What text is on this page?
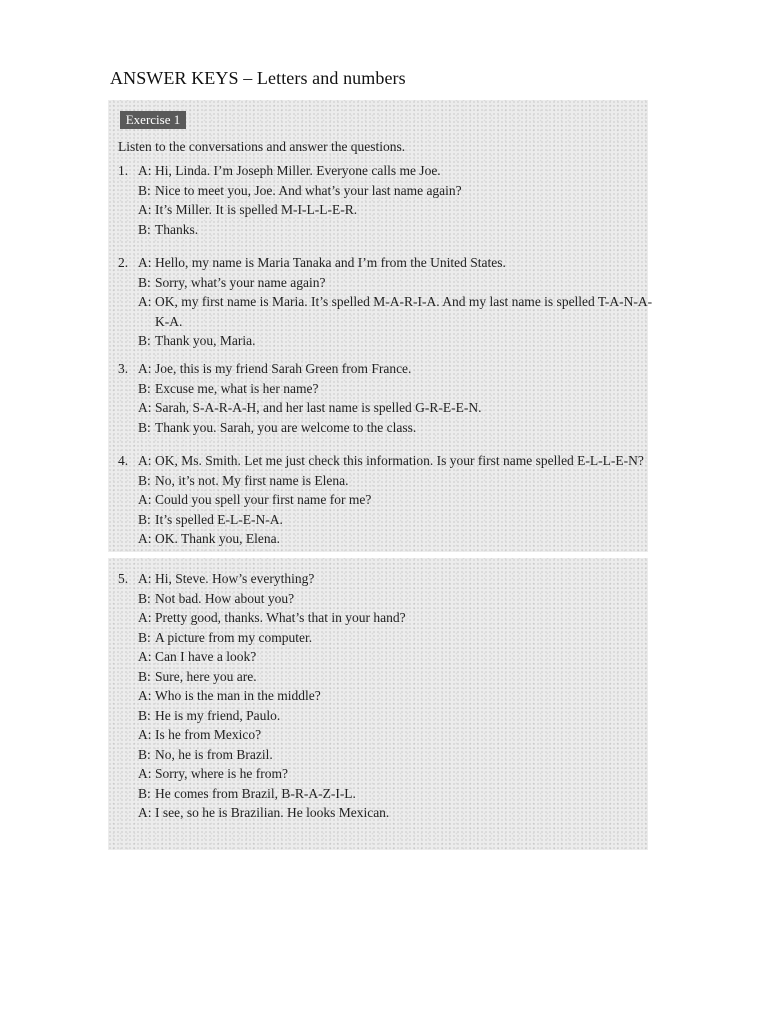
ANSWER KEYS – Letters and numbers
Exercise 1
Listen to the conversations and answer the questions.
1. A: Hi, Linda. I’m Joseph Miller. Everyone calls me Joe.
B: Nice to meet you, Joe. And what’s your last name again?
A: It’s Miller. It is spelled M-I-L-L-E-R.
B: Thanks.
2. A: Hello, my name is Maria Tanaka and I’m from the United States.
B: Sorry, what’s your name again?
A: OK, my first name is Maria. It’s spelled M-A-R-I-A. And my last name is spelled T-A-N-A-
K-A.
B: Thank you, Maria.
3. A: Joe, this is my friend Sarah Green from France.
B: Excuse me, what is her name?
A: Sarah, S-A-R-A-H, and her last name is spelled G-R-E-E-N.
B: Thank you. Sarah, you are welcome to the class.
4. A: OK, Ms. Smith. Let me just check this information. Is your first name spelled E-L-L-E-N?
B: No, it’s not. My first name is Elena.
A: Could you spell your first name for me?
B: It’s spelled E-L-E-N-A.
A: OK. Thank you, Elena.
5. A: Hi, Steve. How’s everything?
B: Not bad. How about you?
A: Pretty good, thanks. What’s that in your hand?
B: A picture from my computer.
A: Can I have a look?
B: Sure, here you are.
A: Who is the man in the middle?
B: He is my friend, Paulo.
A: Is he from Mexico?
B: No, he is from Brazil.
A: Sorry, where is he from?
B: He comes from Brazil, B-R-A-Z-I-L.
A: I see, so he is Brazilian. He looks Mexican.
